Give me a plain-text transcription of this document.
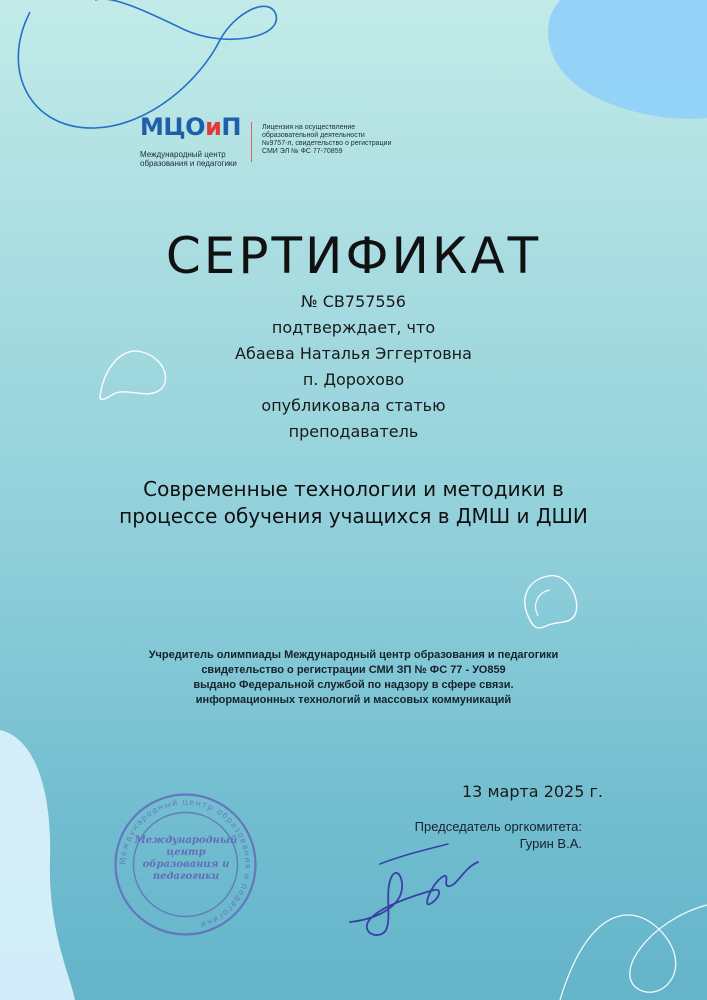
МЦОиП
Международный центр образования и педагогики
Лицензия на осуществление образовательной деятельности №9757-л, свидетельство о регистрации СМИ ЭЛ № ФС 77-70859
СЕРТИФИКАТ
№ СВ757556
подтверждает, что
Абаева Наталья Эггертовна
п. Дорохово
опубликовала статью
преподаватель
Современные технологии и методики в
процессе обучения учащихся в ДМШ и ДШИ
Учредитель олимпиады Международный центр образования и педагогики
свидетельство о регистрации СМИ ЗП № ФС 77 - УО859
выдано Федеральной службой по надзору в сфере связи.
информационных технологий и массовых коммуникаций
13 марта 2025 г.
Международный центр образования и педагогики
Международный центр образования и педагогики
Председатель оргкомитета:
Гурин В.А.
